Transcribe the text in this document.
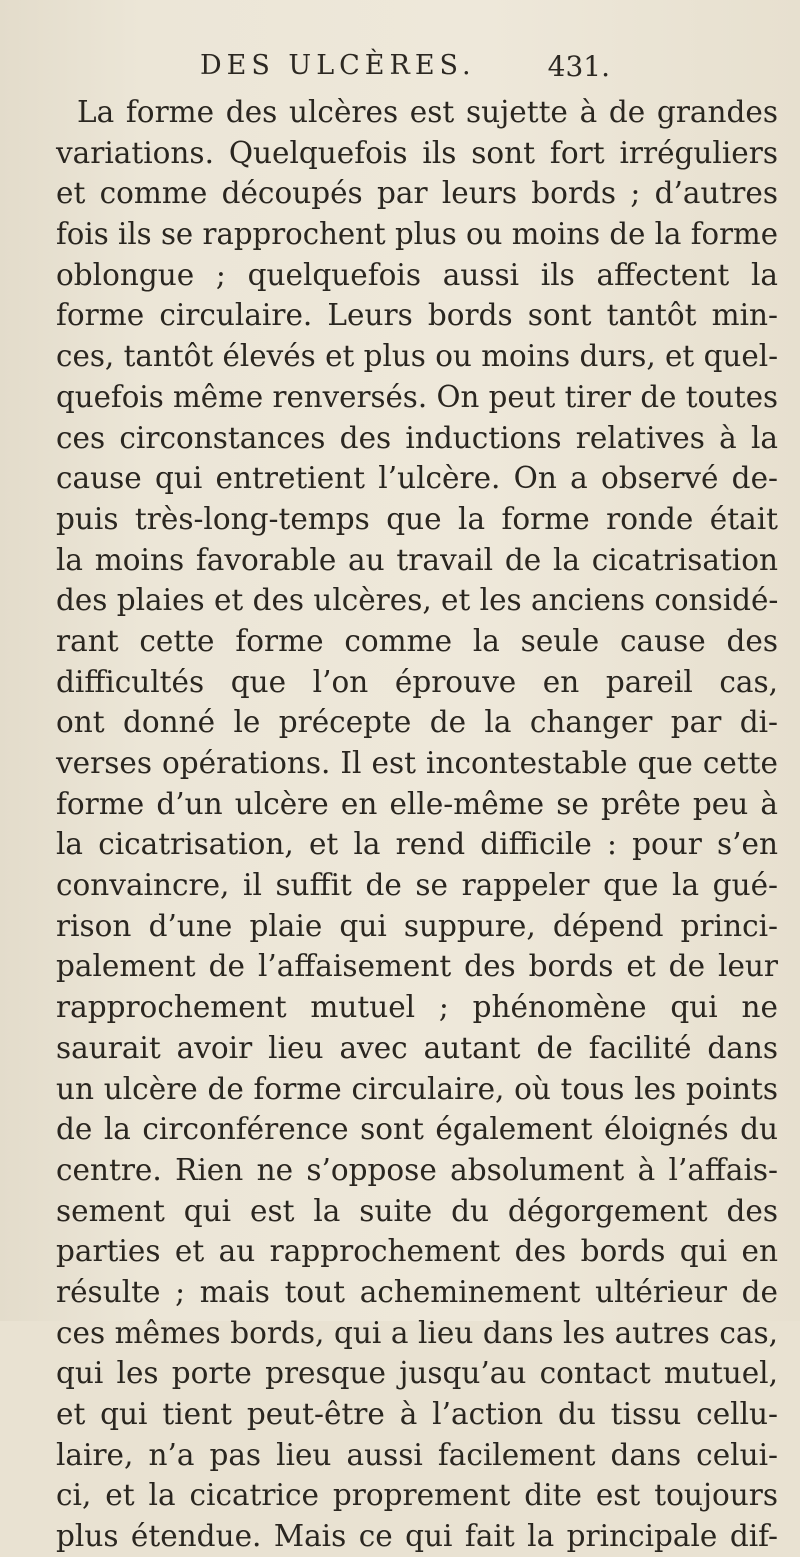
DES ULCÈRES.	431.
La forme des ulcères est sujette à de grandes
variations. Quelquefois ils sont fort irréguliers
et comme découpés par leurs bords ; d’autres
fois ils se rapprochent plus ou moins de la forme
oblongue ; quelquefois aussi ils affectent la
forme circulaire. Leurs bords sont tantôt min-
ces, tantôt élevés et plus ou moins durs, et quel-
quefois même renversés. On peut tirer de toutes
ces circonstances des inductions relatives à la
cause qui entretient l’ulcère. On a observé de-
puis très-long-temps que la forme ronde était
la moins favorable au travail de la cicatrisation
des plaies et des ulcères, et les anciens considé-
rant cette forme comme la seule cause des
difficultés que l’on éprouve en pareil cas,
ont donné le précepte de la changer par di-
verses opérations. Il est incontestable que cette
forme d’un ulcère en elle-même se prête peu à
la cicatrisation, et la rend difficile : pour s’en
convaincre, il suffit de se rappeler que la gué-
rison d’une plaie qui suppure, dépend princi-
palement de l’affaisement des bords et de leur
rapprochement mutuel ; phénomène qui ne
saurait avoir lieu avec autant de facilité dans
un ulcère de forme circulaire, où tous les points
de la circonférence sont également éloignés du
centre. Rien ne s’oppose absolument à l’affais-
sement qui est la suite du dégorgement des
parties et au rapprochement des bords qui en
résulte ; mais tout acheminement ultérieur de
ces mêmes bords, qui a lieu dans les autres cas,
qui les porte presque jusqu’au contact mutuel,
et qui tient peut-être à l’action du tissu cellu-
laire, n’a pas lieu aussi facilement dans celui-
ci, et la cicatrice proprement dite est toujours
plus étendue. Mais ce qui fait la principale dif-
